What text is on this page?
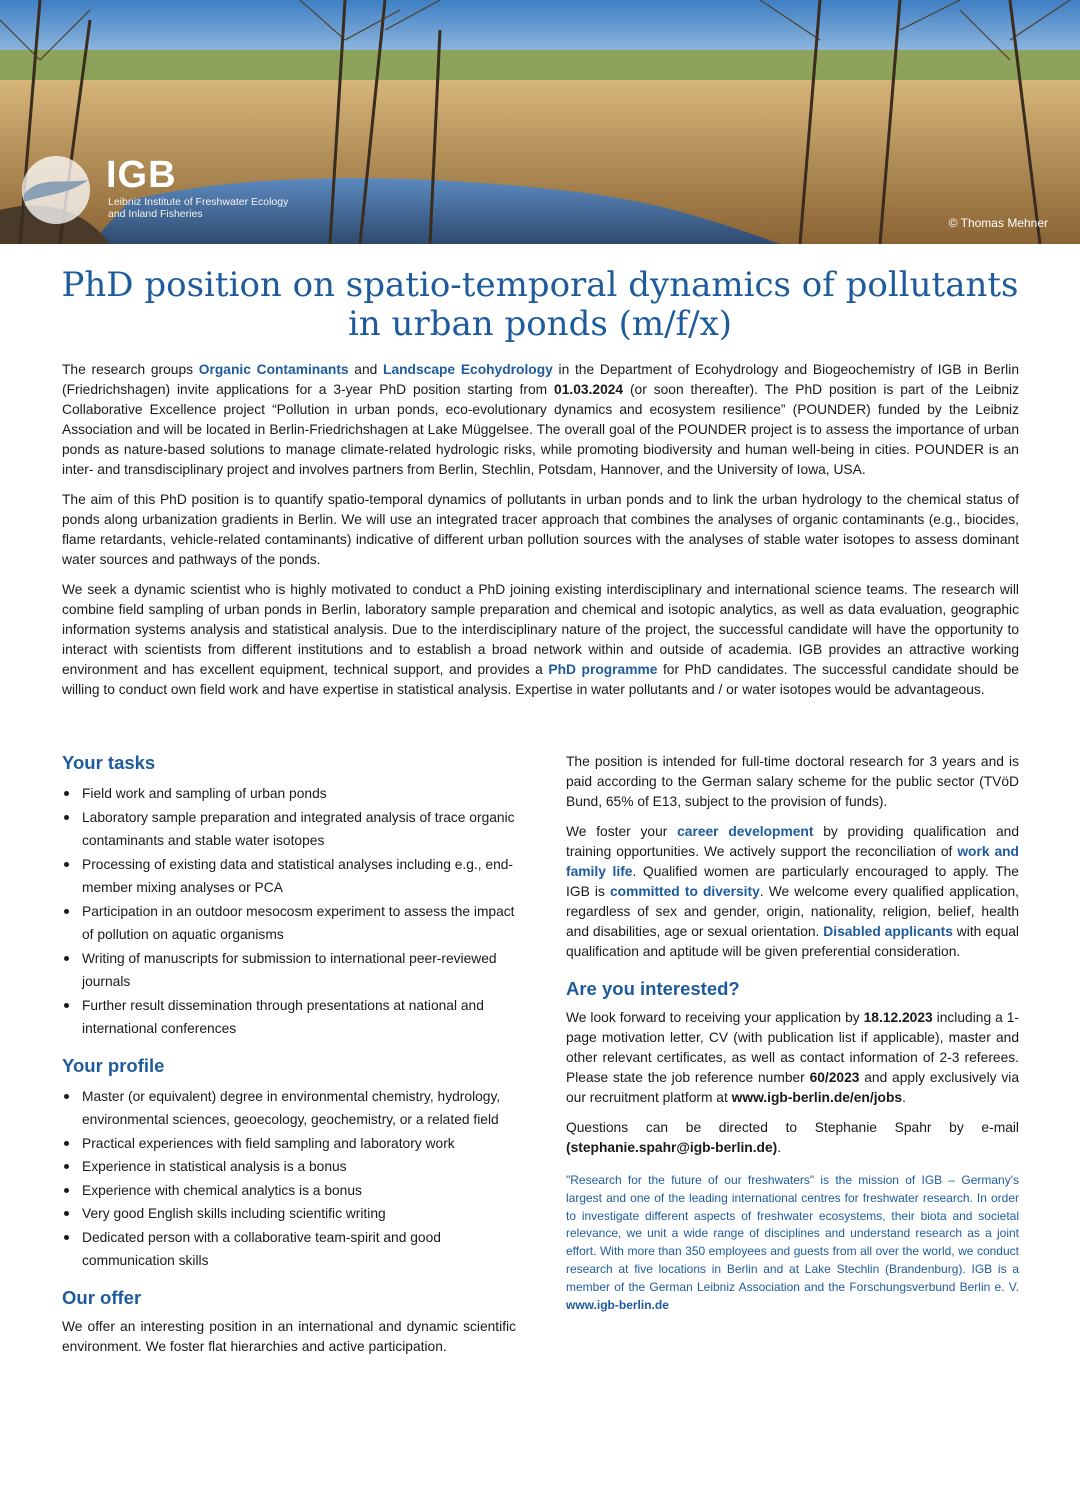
IGB
Leibniz Institute of Freshwater Ecology
and Inland Fisheries
© Thomas Mehner
PhD position on spatio-temporal dynamics of pollutants in urban ponds (m/f/x)

The research groups Organic Contaminants and Landscape Ecohydrology in the Department of Ecohydrology and Biogeochemistry of IGB in Berlin (Friedrichshagen) invite applications for a 3-year PhD position starting from 01.03.2024 (or soon thereafter). The PhD position is part of the Leibniz Collaborative Excellence project “Pollution in urban ponds, eco-evolutionary dynamics and ecosystem resilience” (POUNDER) funded by the Leibniz Association and will be located in Berlin-Friedrichshagen at Lake Müggelsee. The overall goal of the POUNDER project is to assess the importance of urban ponds as nature-based solutions to manage climate-related hydrologic risks, while promoting biodiversity and human well-being in cities. POUNDER is an inter- and transdisciplinary project and involves partners from Berlin, Stechlin, Potsdam, Hannover, and the University of Iowa, USA.

The aim of this PhD position is to quantify spatio-temporal dynamics of pollutants in urban ponds and to link the urban hydrology to the chemical status of ponds along urbanization gradients in Berlin. We will use an integrated tracer approach that combines the analyses of organic contaminants (e.g., biocides, flame retardants, vehicle-related contaminants) indicative of different urban pollution sources with the analyses of stable water isotopes to assess dominant water sources and pathways of the ponds.

We seek a dynamic scientist who is highly motivated to conduct a PhD joining existing interdisciplinary and international science teams. The research will combine field sampling of urban ponds in Berlin, laboratory sample preparation and chemical and isotopic analytics, as well as data evaluation, geographic information systems analysis and statistical analysis. Due to the interdisciplinary nature of the project, the successful candidate will have the opportunity to interact with scientists from different institutions and to establish a broad network within and outside of academia. IGB provides an attractive working environment and has excellent equipment, technical support, and provides a PhD programme for PhD candidates. The successful candidate should be willing to conduct own field work and have expertise in statistical analysis. Expertise in water pollutants and / or water isotopes would be advantageous.

Your tasks
Field work and sampling of urban ponds
Laboratory sample preparation and integrated analysis of trace organic contaminants and stable water isotopes
Processing of existing data and statistical analyses including e.g., end-member mixing analyses or PCA
Participation in an outdoor mesocosm experiment to assess the impact of pollution on aquatic organisms
Writing of manuscripts for submission to international peer-reviewed journals
Further result dissemination through presentations at national and international conferences
Your profile
Master (or equivalent) degree in environmental chemistry, hydrology, environmental sciences, geoecology, geochemistry, or a related field
Practical experiences with field sampling and laboratory work
Experience in statistical analysis is a bonus
Experience with chemical analytics is a bonus
Very good English skills including scientific writing
Dedicated person with a collaborative team-spirit and good communication skills
Our offer

We offer an interesting position in an international and dynamic scientific environment. We foster flat hierarchies and active participation.

The position is intended for full-time doctoral research for 3 years and is paid according to the German salary scheme for the public sector (TVöD Bund, 65% of E13, subject to the provision of funds).

We foster your career development by providing qualification and training opportunities. We actively support the reconciliation of work and family life. Qualified women are particularly encouraged to apply. The IGB is committed to diversity. We welcome every qualified application, regardless of sex and gender, origin, nationality, religion, belief, health and disabilities, age or sexual orientation. Disabled applicants with equal qualification and aptitude will be given preferential consideration.

Are you interested?

We look forward to receiving your application by 18.12.2023 including a 1-page motivation letter, CV (with publication list if applicable), master and other relevant certificates, as well as contact information of 2-3 referees. Please state the job reference number 60/2023 and apply exclusively via our recruitment platform at www.igb-berlin.de/en/jobs.

Questions can be directed to Stephanie Spahr by e-mail (stephanie.spahr@igb-berlin.de).

"Research for the future of our freshwaters" is the mission of IGB – Germany's largest and one of the leading international centres for freshwater research. In order to investigate different aspects of freshwater ecosystems, their biota and societal relevance, we unit a wide range of disciplines and understand research as a joint effort. With more than 350 employees and guests from all over the world, we conduct research at five locations in Berlin and at Lake Stechlin (Brandenburg). IGB is a member of the German Leibniz Association and the Forschungsverbund Berlin e. V. www.igb-berlin.de
